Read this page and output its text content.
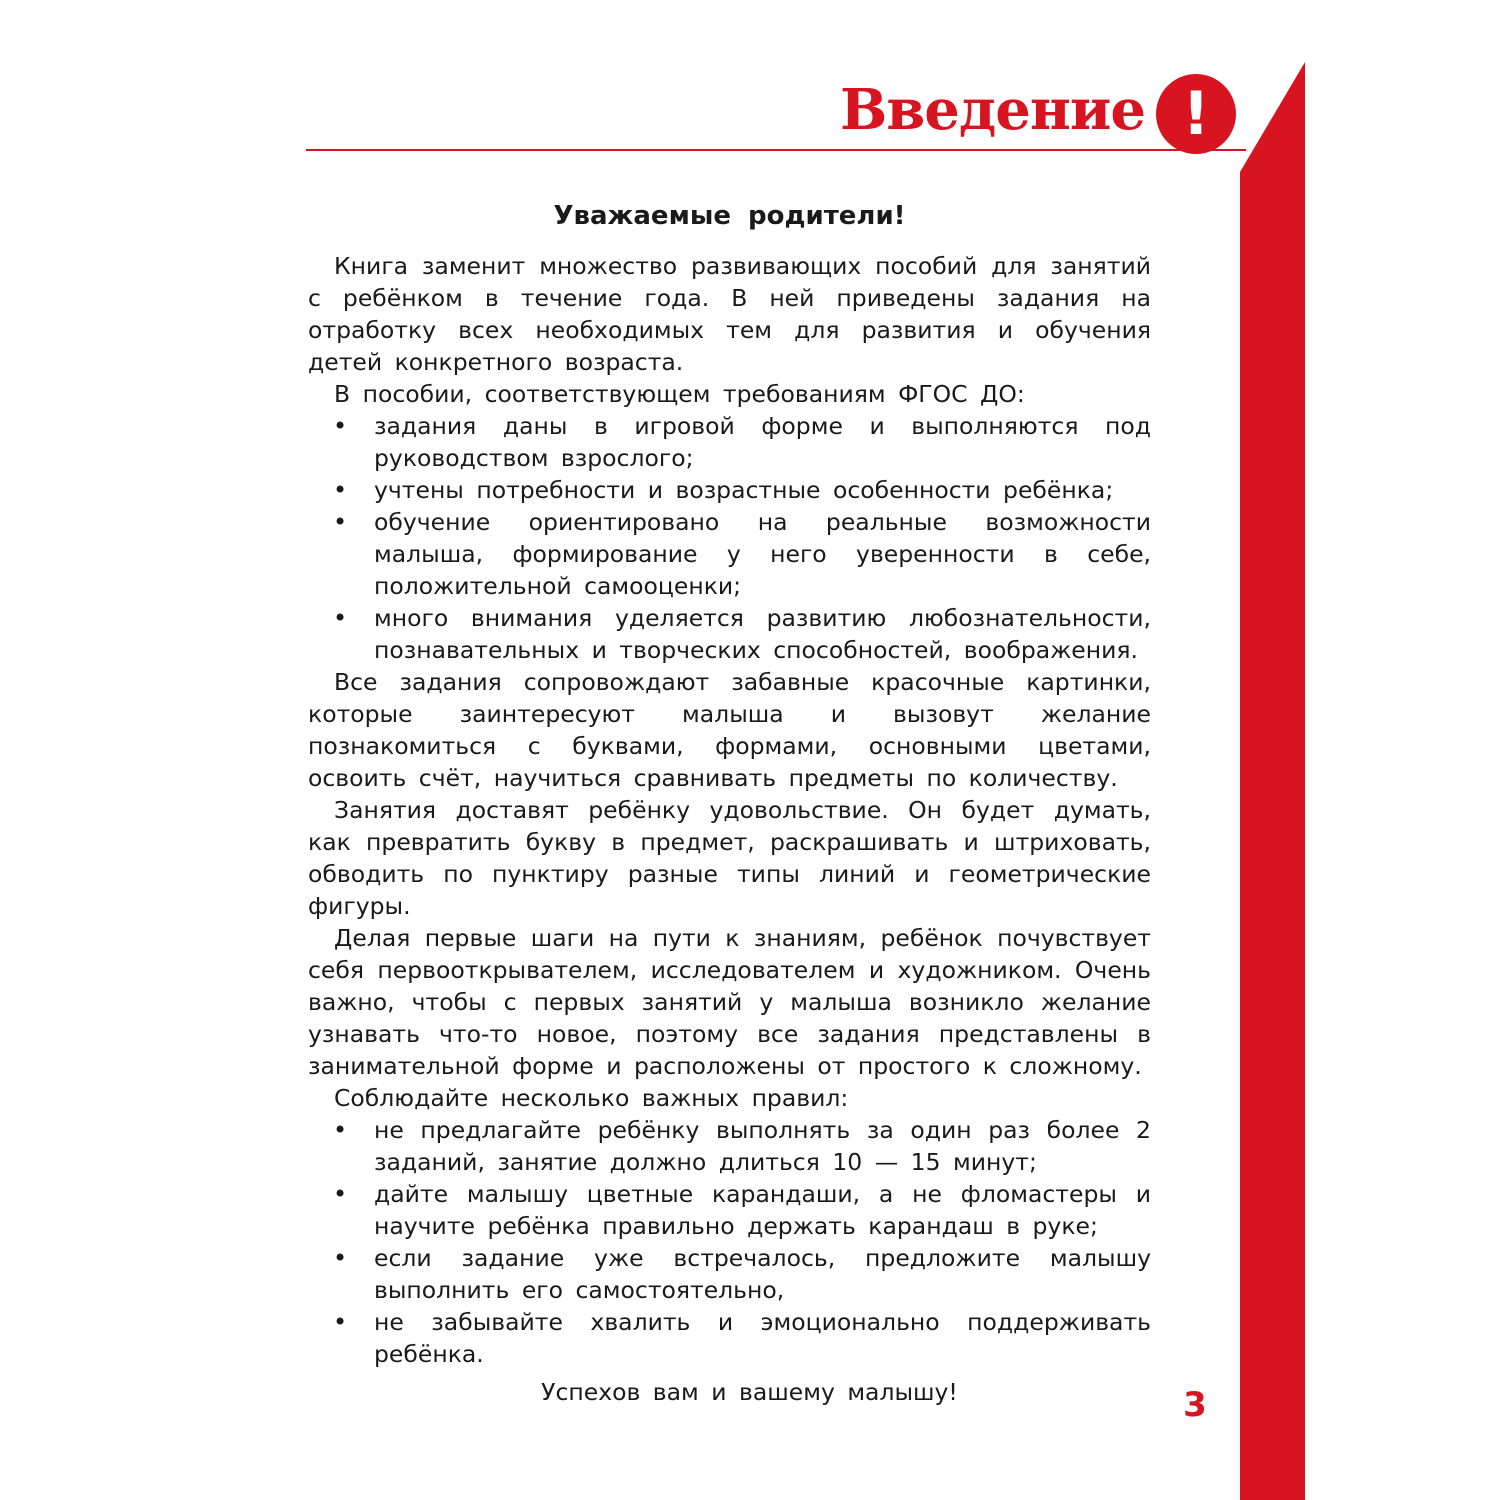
Введение !
Уважаемые родители!

Книга заменит множество развивающих пособий для занятий с ребёнком в течение года. В ней приведены задания на отработку всех необходимых тем для развития и обучения детей конкретного возраста.

В пособии, соответствующем требованиям ФГОС ДО:

• задания даны в игровой форме и выполняются под руководством взрослого;
• учтены потребности и возрастные особенности ребёнка;
• обучение ориентировано на реальные возможности малыша, формирование у него уверенности в себе, положительной самооценки;
• много внимания уделяется развитию любознательности, познавательных и творческих способностей, воображения.

Все задания сопровождают забавные красочные картинки, которые заинтересуют малыша и вызовут желание познакомиться с буквами, формами, основными цветами, освоить счёт, научиться сравнивать предметы по количеству.

Занятия доставят ребёнку удовольствие. Он будет думать, как превратить букву в предмет, раскрашивать и штриховать, обводить по пунктиру разные типы линий и геометрические фигуры.

Делая первые шаги на пути к знаниям, ребёнок почувствует себя первооткрывателем, исследователем и художником. Очень важно, чтобы с первых занятий у малыша возникло желание узнавать что-то новое, поэтому все задания представлены в занимательной форме и расположены от простого к сложному.

Соблюдайте несколько важных правил:

• не предлагайте ребёнку выполнять за один раз более 2 заданий, занятие должно длиться 10 — 15 минут;
• дайте малышу цветные карандаши, а не фломастеры и научите ребёнка правильно держать карандаш в руке;
• если задание уже встречалось, предложите малышу выполнить его самостоятельно,
• не забывайте хвалить и эмоционально поддерживать ребёнка.
Успехов вам и вашему малышу!	3
